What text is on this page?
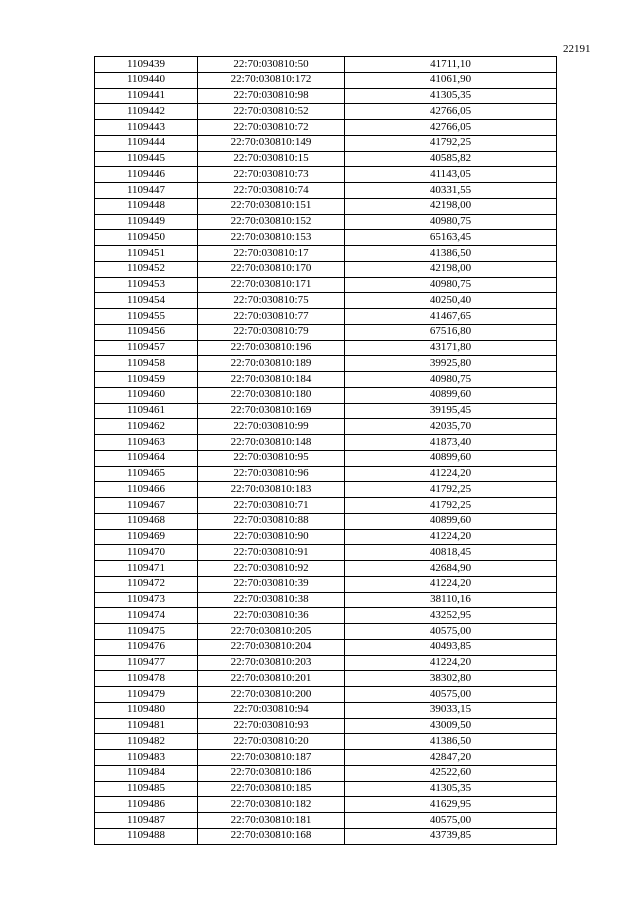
22191
1109439	22:70:030810:50	41711,10
1109440	22:70:030810:172	41061,90
1109441	22:70:030810:98	41305,35
1109442	22:70:030810:52	42766,05
1109443	22:70:030810:72	42766,05
1109444	22:70:030810:149	41792,25
1109445	22:70:030810:15	40585,82
1109446	22:70:030810:73	41143,05
1109447	22:70:030810:74	40331,55
1109448	22:70:030810:151	42198,00
1109449	22:70:030810:152	40980,75
1109450	22:70:030810:153	65163,45
1109451	22:70:030810:17	41386,50
1109452	22:70:030810:170	42198,00
1109453	22:70:030810:171	40980,75
1109454	22:70:030810:75	40250,40
1109455	22:70:030810:77	41467,65
1109456	22:70:030810:79	67516,80
1109457	22:70:030810:196	43171,80
1109458	22:70:030810:189	39925,80
1109459	22:70:030810:184	40980,75
1109460	22:70:030810:180	40899,60
1109461	22:70:030810:169	39195,45
1109462	22:70:030810:99	42035,70
1109463	22:70:030810:148	41873,40
1109464	22:70:030810:95	40899,60
1109465	22:70:030810:96	41224,20
1109466	22:70:030810:183	41792,25
1109467	22:70:030810:71	41792,25
1109468	22:70:030810:88	40899,60
1109469	22:70:030810:90	41224,20
1109470	22:70:030810:91	40818,45
1109471	22:70:030810:92	42684,90
1109472	22:70:030810:39	41224,20
1109473	22:70:030810:38	38110,16
1109474	22:70:030810:36	43252,95
1109475	22:70:030810:205	40575,00
1109476	22:70:030810:204	40493,85
1109477	22:70:030810:203	41224,20
1109478	22:70:030810:201	38302,80
1109479	22:70:030810:200	40575,00
1109480	22:70:030810:94	39033,15
1109481	22:70:030810:93	43009,50
1109482	22:70:030810:20	41386,50
1109483	22:70:030810:187	42847,20
1109484	22:70:030810:186	42522,60
1109485	22:70:030810:185	41305,35
1109486	22:70:030810:182	41629,95
1109487	22:70:030810:181	40575,00
1109488	22:70:030810:168	43739,85
